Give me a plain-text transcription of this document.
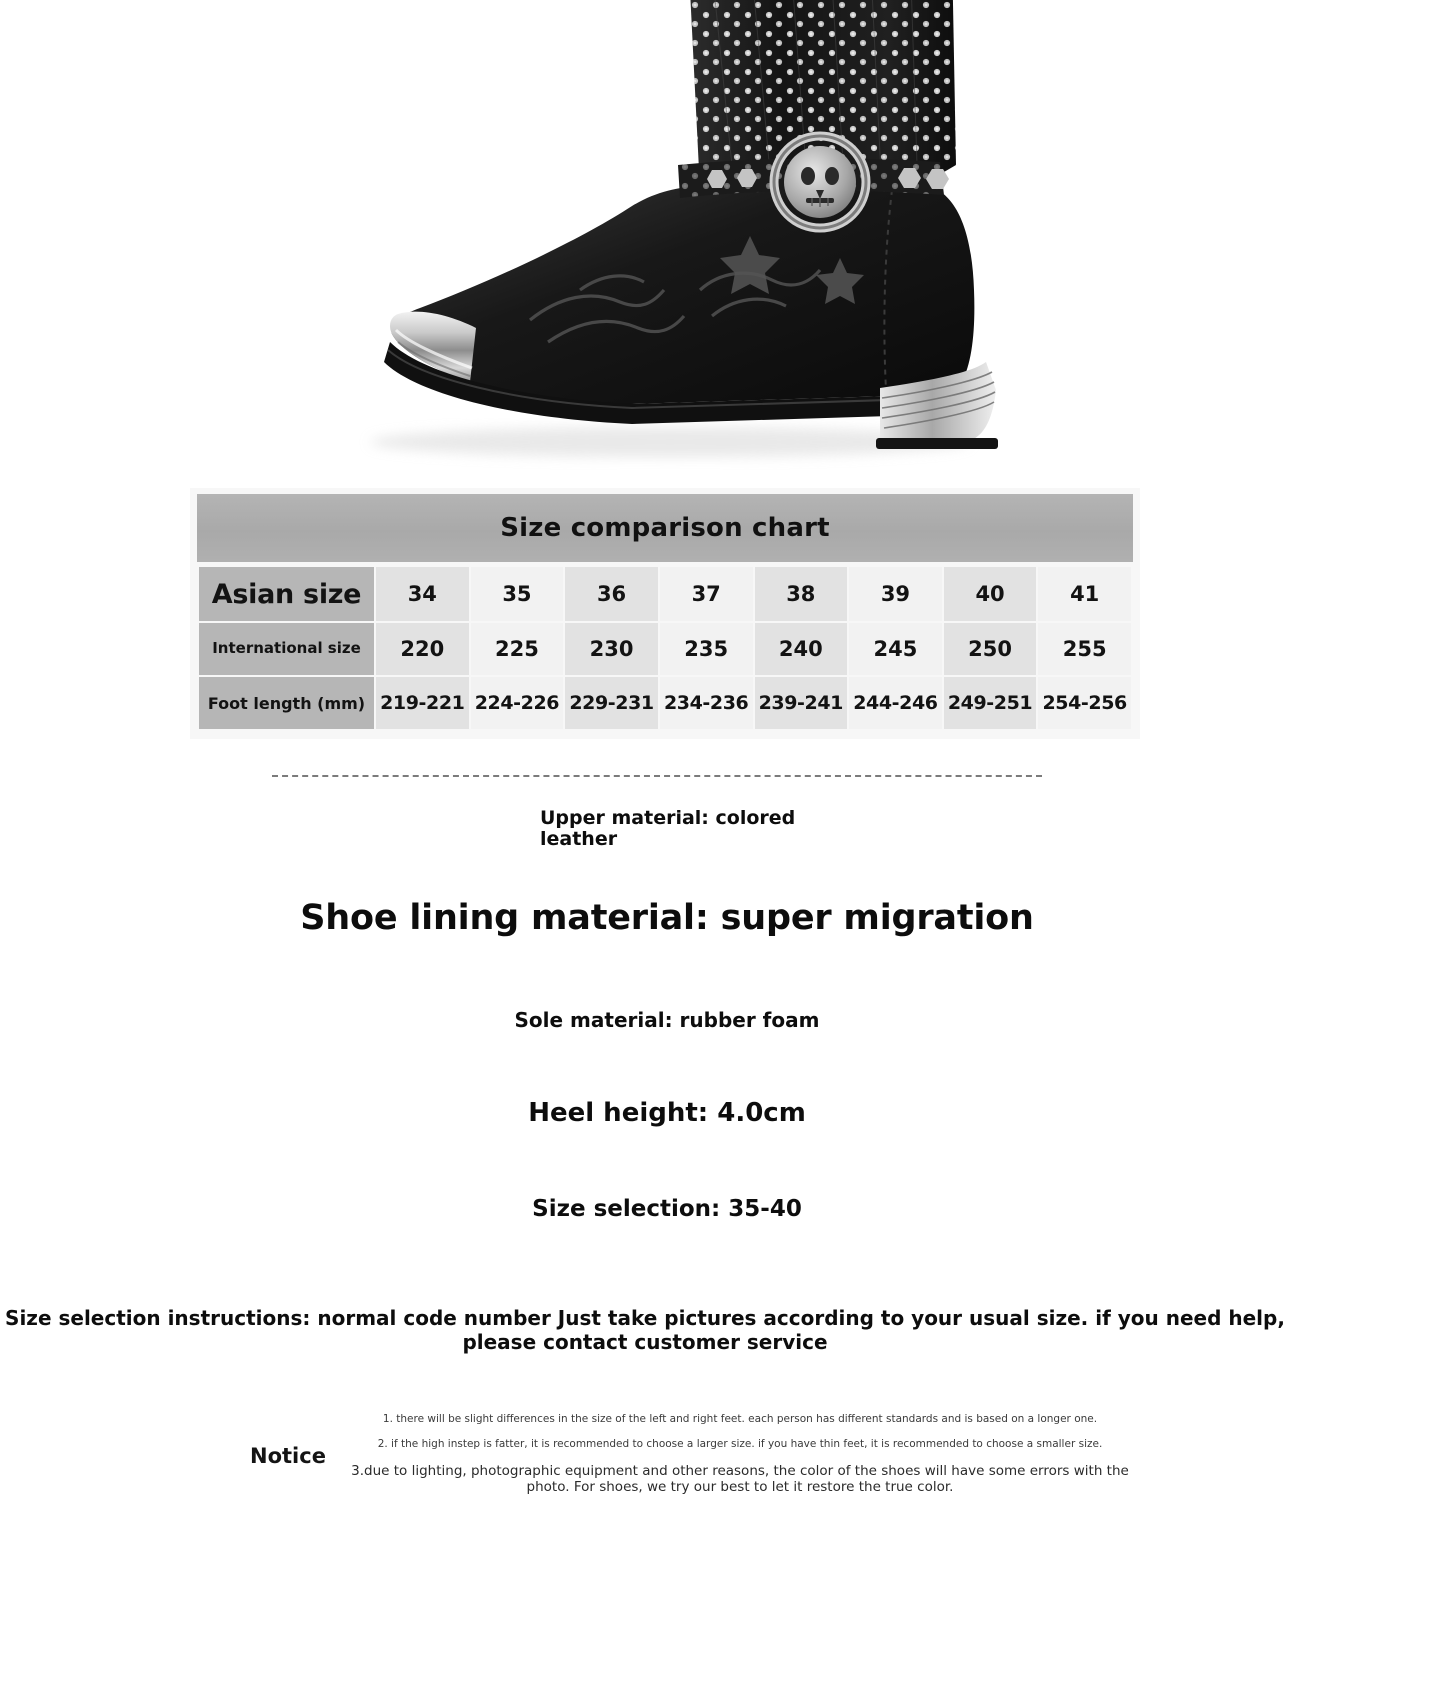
Size comparison chart
Asian size	34	35	36	37	38	39	40	41
International size	220	225	230	235	240	245	250	255
Foot length (mm)	219-221	224-226	229-231	234-236	239-241	244-246	249-251	254-256
Upper material: colored leather
Shoe lining material: super migration
Sole material: rubber foam
Heel height: 4.0cm
Size selection: 35-40
Size selection instructions: normal code number Just take pictures according to your usual size. if you need help, please contact customer service
Notice
1. there will be slight differences in the size of the left and right feet. each person has different standards and is based on a longer one.
2. if the high instep is fatter, it is recommended to choose a larger size. if you have thin feet, it is recommended to choose a smaller size.
3.due to lighting, photographic equipment and other reasons, the color of the shoes will have some errors with the photo. For shoes, we try our best to let it restore the true color.
